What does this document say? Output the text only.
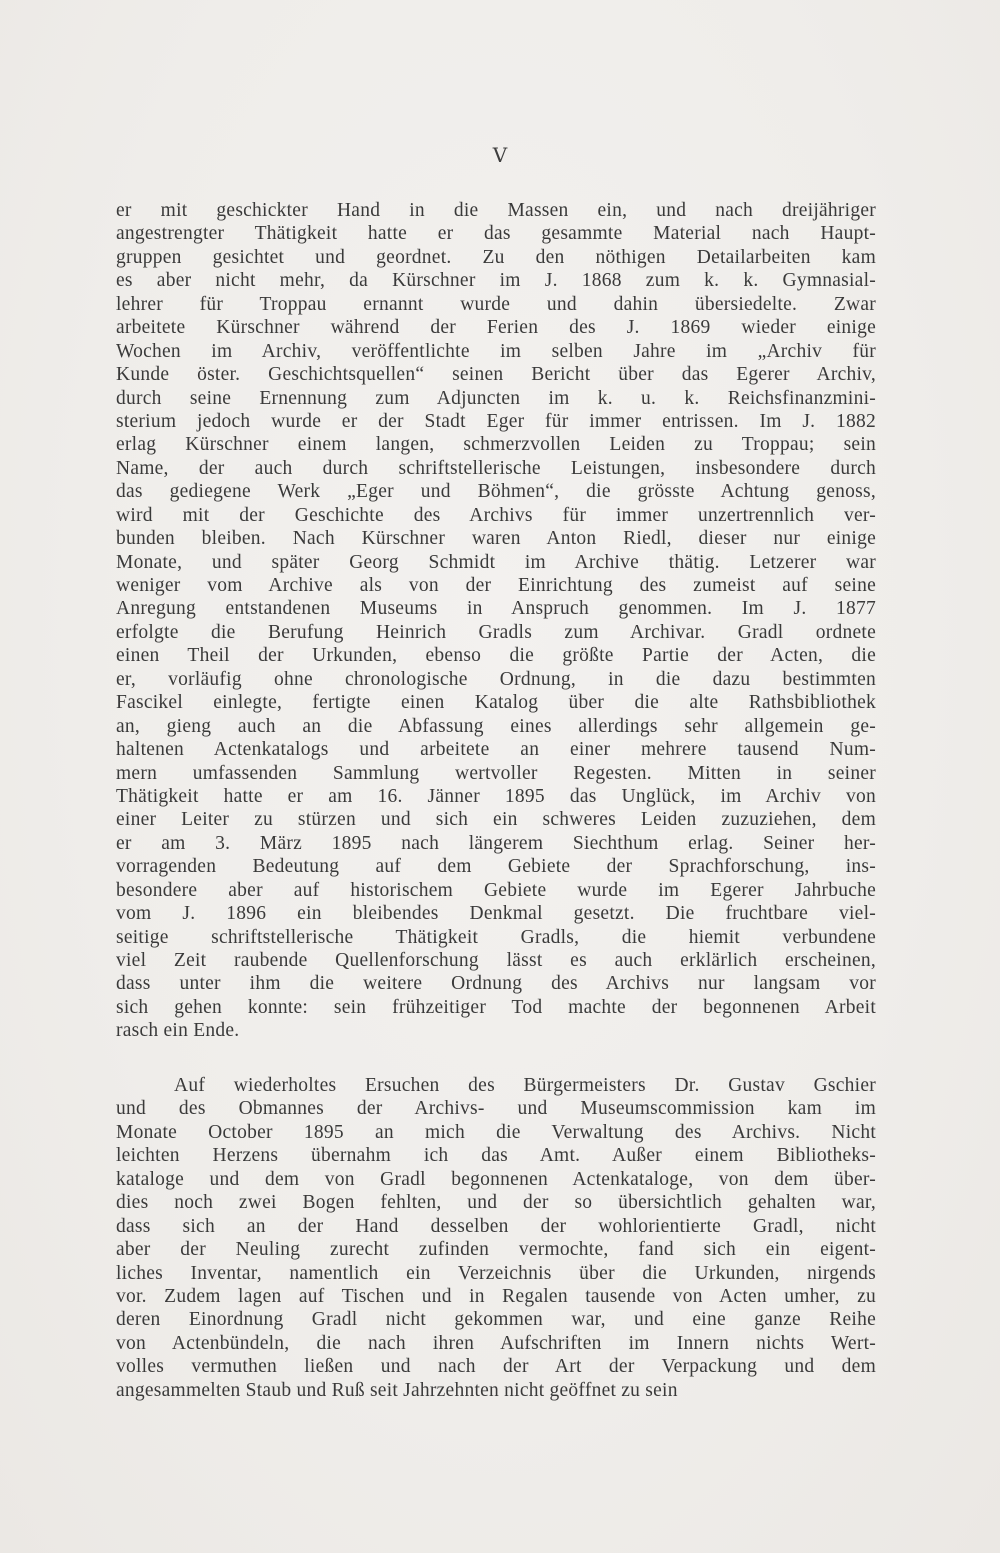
V
er mit geschickter Hand in die Massen ein, und nach dreijähriger
angestrengter Thätigkeit hatte er das gesammte Material nach Haupt-
gruppen gesichtet und geordnet. Zu den nöthigen Detailarbeiten kam
es aber nicht mehr, da Kürschner im J. 1868 zum k. k. Gymnasial-
lehrer für Troppau ernannt wurde und dahin übersiedelte. Zwar
arbeitete Kürschner während der Ferien des J. 1869 wieder einige
Wochen im Archiv, veröffentlichte im selben Jahre im „Archiv für
Kunde öster. Geschichtsquellen“ seinen Bericht über das Egerer Archiv,
durch seine Ernennung zum Adjuncten im k. u. k. Reichsfinanzmini-
sterium jedoch wurde er der Stadt Eger für immer entrissen. Im J. 1882
erlag Kürschner einem langen, schmerzvollen Leiden zu Troppau; sein
Name, der auch durch schriftstellerische Leistungen, insbesondere durch
das gediegene Werk „Eger und Böhmen“, die grösste Achtung genoss,
wird mit der Geschichte des Archivs für immer unzertrennlich ver-
bunden bleiben. Nach Kürschner waren Anton Riedl, dieser nur einige
Monate, und später Georg Schmidt im Archive thätig. Letzerer war
weniger vom Archive als von der Einrichtung des zumeist auf seine
Anregung entstandenen Museums in Anspruch genommen. Im J. 1877
erfolgte die Berufung Heinrich Gradls zum Archivar. Gradl ordnete
einen Theil der Urkunden, ebenso die größte Partie der Acten, die
er, vorläufig ohne chronologische Ordnung, in die dazu bestimmten
Fascikel einlegte, fertigte einen Katalog über die alte Rathsbibliothek
an, gieng auch an die Abfassung eines allerdings sehr allgemein ge-
haltenen Actenkatalogs und arbeitete an einer mehrere tausend Num-
mern umfassenden Sammlung wertvoller Regesten. Mitten in seiner
Thätigkeit hatte er am 16. Jänner 1895 das Unglück, im Archiv von
einer Leiter zu stürzen und sich ein schweres Leiden zuzuziehen, dem
er am 3. März 1895 nach längerem Siechthum erlag. Seiner her-
vorragenden Bedeutung auf dem Gebiete der Sprachforschung, ins-
besondere aber auf historischem Gebiete wurde im Egerer Jahrbuche
vom J. 1896 ein bleibendes Denkmal gesetzt. Die fruchtbare viel-
seitige schriftstellerische Thätigkeit Gradls, die hiemit verbundene
viel Zeit raubende Quellenforschung lässt es auch erklärlich erscheinen,
dass unter ihm die weitere Ordnung des Archivs nur langsam vor
sich gehen konnte: sein frühzeitiger Tod machte der begonnenen Arbeit
rasch ein Ende.
Auf wiederholtes Ersuchen des Bürgermeisters Dr. Gustav Gschier
und des Obmannes der Archivs- und Museumscommission kam im
Monate October 1895 an mich die Verwaltung des Archivs. Nicht
leichten Herzens übernahm ich das Amt. Außer einem Bibliotheks-
kataloge und dem von Gradl begonnenen Actenkataloge, von dem über-
dies noch zwei Bogen fehlten, und der so übersichtlich gehalten war,
dass sich an der Hand desselben der wohlorientierte Gradl, nicht
aber der Neuling zurecht zufinden vermochte, fand sich ein eigent-
liches Inventar, namentlich ein Verzeichnis über die Urkunden, nirgends
vor. Zudem lagen auf Tischen und in Regalen tausende von Acten umher, zu
deren Einordnung Gradl nicht gekommen war, und eine ganze Reihe
von Actenbündeln, die nach ihren Aufschriften im Innern nichts Wert-
volles vermuthen ließen und nach der Art der Verpackung und dem
angesammelten Staub und Ruß seit Jahrzehnten nicht geöffnet zu sein
